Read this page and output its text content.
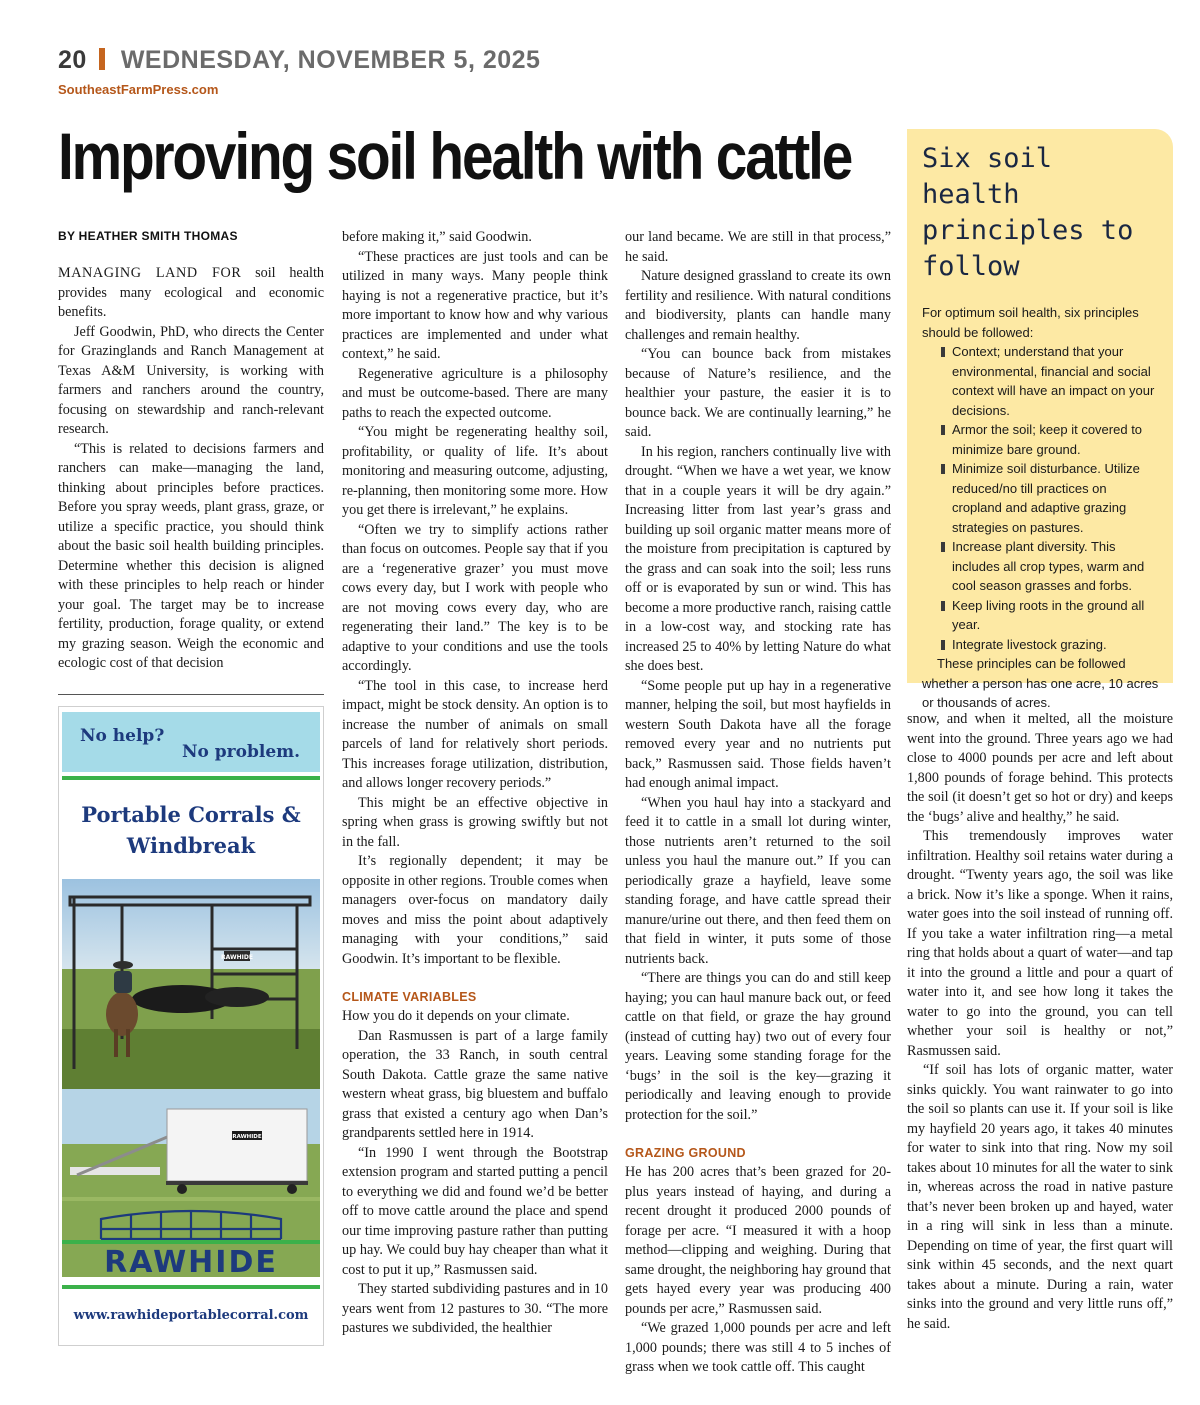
20 WEDNESDAY, NOVEMBER 5, 2025
SoutheastFarmPress.com
Improving soil health with cattle
BY HEATHER SMITH THOMAS

MANAGING LAND FOR soil health provides many ecological and economic benefits.

Jeff Goodwin, PhD, who directs the Center for Grazinglands and Ranch Management at Texas A&M University, is working with farmers and ranchers around the country, focusing on stewardship and ranch-relevant research.

“This is related to decisions farmers and ranchers can make—managing the land, thinking about principles before practices. Before you spray weeds, plant grass, graze, or utilize a specific practice, you should think about the basic soil health building principles. Determine whether this decision is aligned with these principles to help reach or hinder your goal. The target may be to increase fertility, production, forage quality, or extend my grazing season. Weigh the economic and ecologic cost of that decision

before making it,” said Goodwin.

“These practices are just tools and can be utilized in many ways. Many people think haying is not a regenerative practice, but it’s more important to know how and why various practices are implemented and under what context,” he said.

Regenerative agriculture is a philosophy and must be outcome-based. There are many paths to reach the expected outcome.

“You might be regenerating healthy soil, profitability, or quality of life. It’s about monitoring and measuring outcome, adjusting, re-planning, then monitoring some more. How you get there is irrelevant,” he explains.

“Often we try to simplify actions rather than focus on outcomes. People say that if you are a ‘regenerative grazer’ you must move cows every day, but I work with people who are not moving cows every day, who are regenerating their land.” The key is to be adaptive to your conditions and use the tools accordingly.

“The tool in this case, to increase herd impact, might be stock density. An option is to increase the number of animals on small parcels of land for relatively short periods. This increases forage utilization, distribution, and allows longer recovery periods.”

This might be an effective objective in spring when grass is growing swiftly but not in the fall.

It’s regionally dependent; it may be opposite in other regions. Trouble comes when managers over-focus on mandatory daily moves and miss the point about adaptively managing with your conditions,” said Goodwin. It’s important to be flexible.

CLIMATE VARIABLES

How you do it depends on your climate.

Dan Rasmussen is part of a large family operation, the 33 Ranch, in south central South Dakota. Cattle graze the same native western wheat grass, big bluestem and buffalo grass that existed a century ago when Dan’s grandparents settled here in 1914.

“In 1990 I went through the Bootstrap extension program and started putting a pencil to everything we did and found we’d be better off to move cattle around the place and spend our time improving pasture rather than putting up hay. We could buy hay cheaper than what it cost to put it up,” Rasmussen said.

They started subdividing pastures and in 10 years went from 12 pastures to 30. “The more pastures we subdivided, the healthier

our land became. We are still in that process,” he said.

Nature designed grassland to create its own fertility and resilience. With natural conditions and biodiversity, plants can handle many challenges and remain healthy.

“You can bounce back from mistakes because of Nature’s resilience, and the healthier your pasture, the easier it is to bounce back. We are continually learning,” he said.

In his region, ranchers continually live with drought. “When we have a wet year, we know that in a couple years it will be dry again.” Increasing litter from last year’s grass and building up soil organic matter means more of the moisture from precipitation is captured by the grass and can soak into the soil; less runs off or is evaporated by sun or wind. This has become a more productive ranch, raising cattle in a low-cost way, and stocking rate has increased 25 to 40% by letting Nature do what she does best.

“Some people put up hay in a regenerative manner, helping the soil, but most hayfields in western South Dakota have all the forage removed every year and no nutrients put back,” Rasmussen said. Those fields haven’t had enough animal impact.

“When you haul hay into a stackyard and feed it to cattle in a small lot during winter, those nutrients aren’t returned to the soil unless you haul the manure out.” If you can periodically graze a hayfield, leave some standing forage, and have cattle spread their manure/urine out there, and then feed them on that field in winter, it puts some of those nutrients back.

“There are things you can do and still keep haying; you can haul manure back out, or feed cattle on that field, or graze the hay ground (instead of cutting hay) two out of every four years. Leaving some standing forage for the ‘bugs’ in the soil is the key—grazing it periodically and leaving enough to provide protection for the soil.”

GRAZING GROUND

He has 200 acres that’s been grazed for 20-plus years instead of haying, and during a recent drought it produced 2000 pounds of forage per acre. “I measured it with a hoop method—clipping and weighing. During that same drought, the neighboring hay ground that gets hayed every year was producing 400 pounds per acre,” Rasmussen said.

“We grazed 1,000 pounds per acre and left 1,000 pounds; there was still 4 to 5 inches of grass when we took cattle off. This caught

snow, and when it melted, all the moisture went into the ground. Three years ago we had close to 4000 pounds per acre and left about 1,800 pounds of forage behind. This protects the soil (it doesn’t get so hot or dry) and keeps the ‘bugs’ alive and healthy,” he said.

This tremendously improves water infiltration. Healthy soil retains water during a drought. “Twenty years ago, the soil was like a brick. Now it’s like a sponge. When it rains, water goes into the soil instead of running off. If you take a water infiltration ring—a metal ring that holds about a quart of water—and tap it into the ground a little and pour a quart of water into it, and see how long it takes the water to go into the ground, you can tell whether your soil is healthy or not,” Rasmussen said.

“If soil has lots of organic matter, water sinks quickly. You want rainwater to go into the soil so plants can use it. If your soil is like my hayfield 20 years ago, it takes 40 minutes for water to sink into that ring. Now my soil takes about 10 minutes for all the water to sink in, whereas across the road in native pasture that’s never been broken up and hayed, water in a ring will sink in less than a minute. Depending on time of year, the first quart will sink within 45 seconds, and the next quart takes about a minute. During a rain, water sinks into the ground and very little runs off,” he said.

Six soil health principles to follow

For optimum soil health, six principles should be followed:

Context; understand that your environmental, financial and social context will have an impact on your decisions.
Armor the soil; keep it covered to minimize bare ground.
Minimize soil disturbance. Utilize reduced/no till practices on cropland and adaptive grazing strategies on pastures.
Increase plant diversity. This includes all crop types, warm and cool season grasses and forbs.
Keep living roots in the ground all year.
Integrate livestock grazing.

These principles can be followed whether a person has one acre, 10 acres or thousands of acres.

No help?
No problem.
Portable Corrals &
Windbreak
RAWHIDE
RAWHIDE
RAWHIDE
www.rawhideportablecorral.com
